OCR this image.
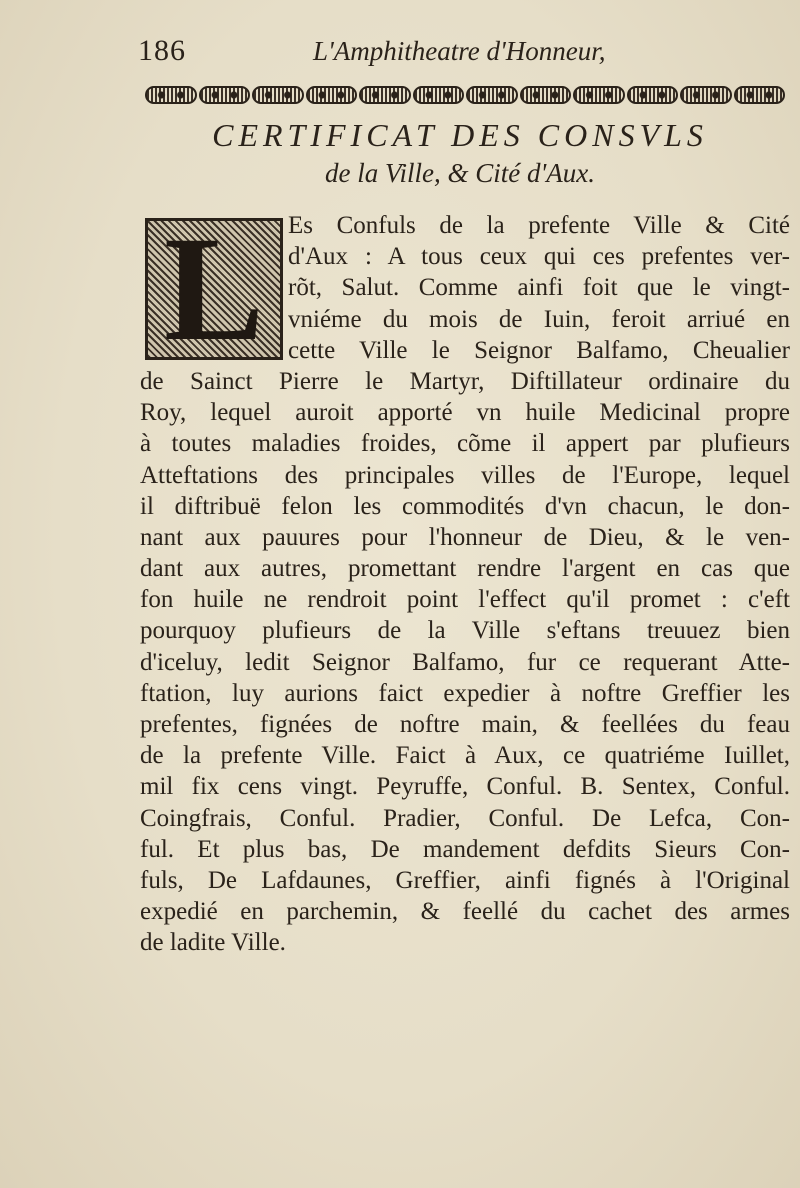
186	L'Amphitheatre d'Honneur,
CERTIFICAT DES CONSVLS
de la Ville, & Cité d'Aux.
L Es Confuls de la prefente Ville & Cité
d'Aux : A tous ceux qui ces prefentes ver-
rõt, Salut. Comme ainfi foit que le vingt-
vniéme du mois de Iuin, feroit arriué en
cette Ville le Seignor Balfamo, Cheualier
de Sainct Pierre le Martyr, Diftillateur ordinaire du
Roy, lequel auroit apporté vn huile Medicinal propre
à toutes maladies froides, cõme il appert par plufieurs
Atteftations des principales villes de l'Europe, lequel
il diftribuë felon les commodités d'vn chacun, le don-
nant aux pauures pour l'honneur de Dieu, & le ven-
dant aux autres, promettant rendre l'argent en cas que
fon huile ne rendroit point l'effect qu'il promet : c'eft
pourquoy plufieurs de la Ville s'eftans treuuez bien
d'iceluy, ledit Seignor Balfamo, fur ce requerant Atte-
ftation, luy aurions faict expedier à noftre Greffier les
prefentes, fignées de noftre main, & feellées du feau
de la prefente Ville. Faict à Aux, ce quatriéme Iuillet,
mil fix cens vingt. Peyruffe, Conful. B. Sentex, Conful.
Coingfrais, Conful. Pradier, Conful. De Lefca, Con-
ful. Et plus bas, De mandement defdits Sieurs Con-
fuls, De Lafdaunes, Greffier, ainfi fignés à l'Original
expedié en parchemin, & feellé du cachet des armes
de ladite Ville.
